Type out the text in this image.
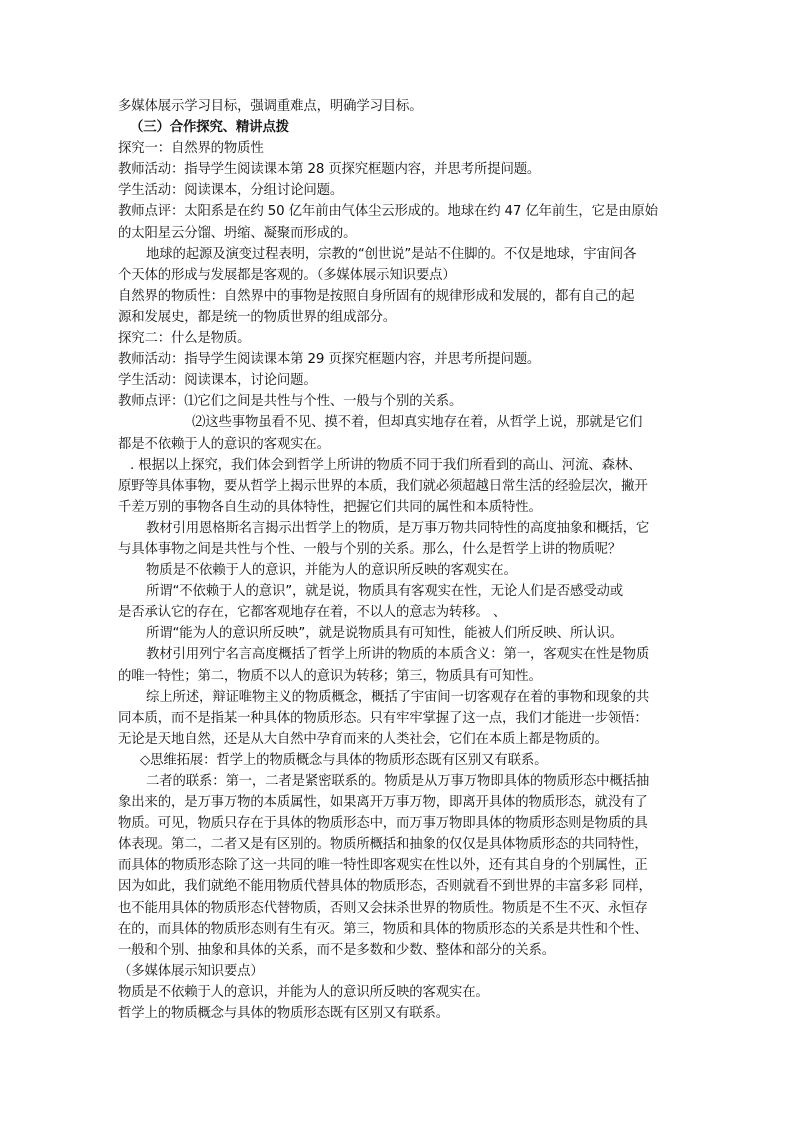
多媒体展示学习目标，强调重难点，明确学习目标。
（三）合作探究、精讲点拨
探究一：自然界的物质性
教师活动：指导学生阅读课本第 28 页探究框题内容，并思考所提问题。
学生活动：阅读课本，分组讨论问题。
教师点评：太阳系是在约 50 亿年前由气体尘云形成的。地球在约 47 亿年前生，它是由原始
的太阳星云分馏、坍缩、凝聚而形成的。
地球的起源及演变过程表明，宗教的“创世说”是站不住脚的。不仅是地球，宇宙间各
个天体的形成与发展都是客观的。（多媒体展示知识要点）
自然界的物质性：自然界中的事物是按照自身所固有的规律形成和发展的，都有自己的起
源和发展史，都是统一的物质世界的组成部分。
探究二：什么是物质。
教师活动：指导学生阅读课本第 29 页探究框题内容，并思考所提问题。
学生活动：阅读课本，讨论问题。
教师点评：⑴它们之间是共性与个性、一般与个别的关系。
⑵这些事物虽看不见、摸不着，但却真实地存在着，从哲学上说，那就是它们
都是不依赖于人的意识的客观实在。
. 根据以上探究，我们体会到哲学上所讲的物质不同于我们所看到的高山、河流、森林、
原野等具体事物，要从哲学上揭示世界的本质，我们就必须超越日常生活的经验层次，撇开
千差万别的事物各自生动的具体特性，把握它们共同的属性和本质特性。
教材引用恩格斯名言揭示出哲学上的物质，是万事万物共同特性的高度抽象和概括，它
与具体事物之间是共性与个性、一般与个别的关系。那么，什么是哲学上讲的物质呢？
物质是不依赖于人的意识，并能为人的意识所反映的客观实在。
所谓“不依赖于人的意识”，就是说，物质具有客观实在性，无论人们是否感受动或
是否承认它的存在，它都客观地存在着，不以人的意志为转移。 、
所谓“能为人的意识所反映”，就是说物质具有可知性，能被人们所反映、所认识。
教材引用列宁名言高度概括了哲学上所讲的物质的本质含义：第一，客观实在性是物质
的唯一特性；第二，物质不以人的意识为转移；第三，物质具有可知性。
综上所述，辩证唯物主义的物质概念，概括了宇宙间一切客观存在着的事物和现象的共
同本质，而不是指某一种具体的物质形态。只有牢牢掌握了这一点，我们才能进一步领悟：
无论是天地自然，还是从大自然中孕育而来的人类社会，它们在本质上都是物质的。
◇思维拓展：哲学上的物质概念与具体的物质形态既有区别又有联系。
二者的联系：第一，二者是紧密联系的。物质是从万事万物即具体的物质形态中概括抽
象出来的，是万事万物的本质属性，如果离开万事万物，即离开具体的物质形态，就没有了
物质。可见，物质只存在于具体的物质形态中，而万事万物即具体的物质形态则是物质的具
体表现。第二，二者又是有区别的。物质所概括和抽象的仅仅是具体物质形态的共同特性，
而具体的物质形态除了这一共同的唯一特性即客观实在性以外，还有其自身的个别属性，正
因为如此，我们就绝不能用物质代替具体的物质形态，否则就看不到世界的丰富多彩 同样，
也不能用具体的物质形态代替物质，否则又会抹杀世界的物质性。物质是不生不灭、永恒存
在的，而具体的物质形态则有生有灭。第三，物质和具体的物质形态的关系是共性和个性、
一般和个别、抽象和具体的关系，而不是多数和少数、整体和部分的关系。
（多媒体展示知识要点）
物质是不依赖于人的意识，并能为人的意识所反映的客观实在。
哲学上的物质概念与具体的物质形态既有区别又有联系。
